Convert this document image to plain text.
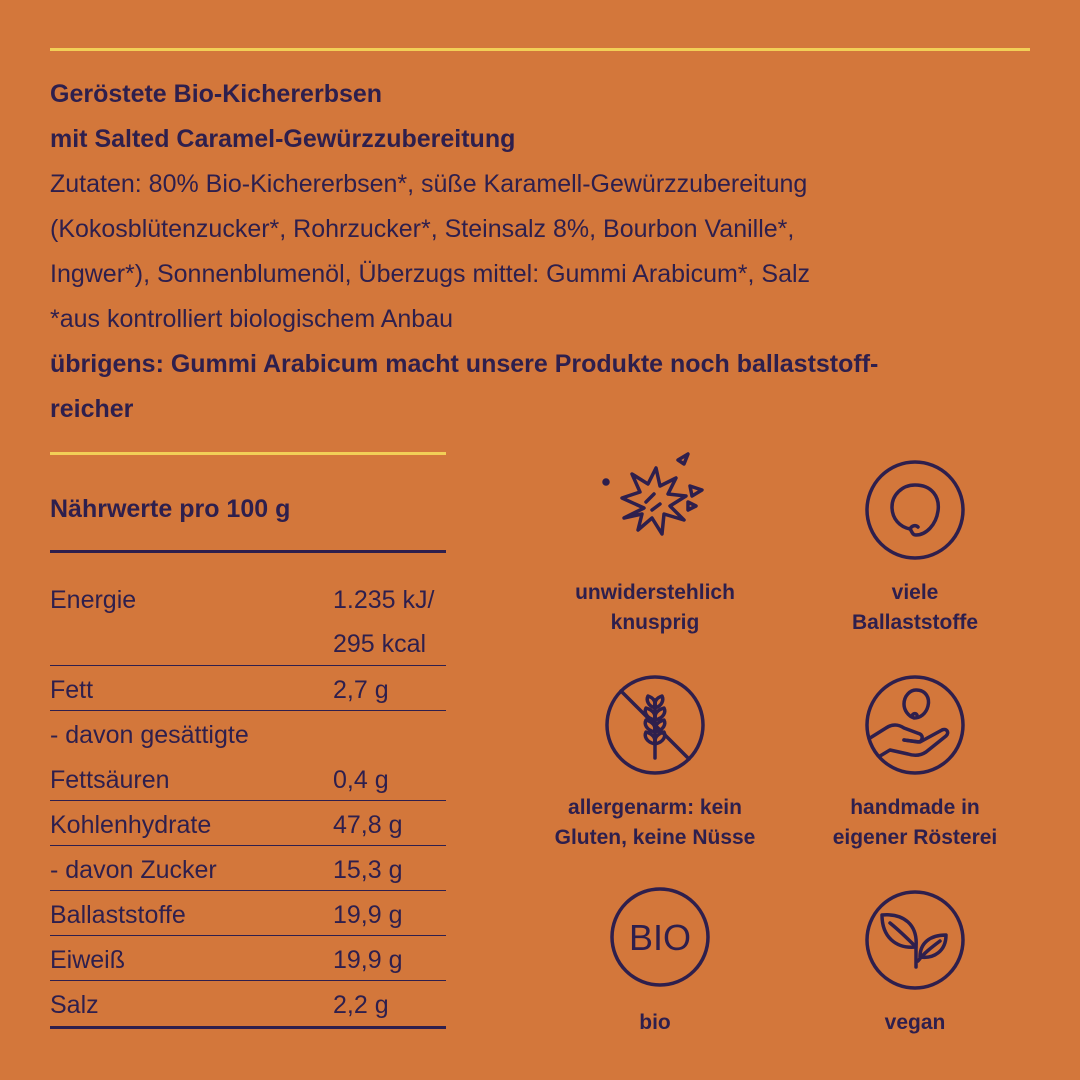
Geröstete Bio-Kichererbsen
mit Salted Caramel-Gewürzzubereitung
Zutaten: 80% Bio-Kichererbsen*, süße Karamell-Gewürzzubereitung
(Kokosblütenzucker*, Rohrzucker*, Steinsalz 8%, Bourbon Vanille*,
Ingwer*), Sonnenblumenöl, Überzugs mittel: Gummi Arabicum*, Salz
*aus kontrolliert biologischem Anbau
übrigens: Gummi Arabicum macht unsere Produkte noch ballaststoff-
reicher
Nährwerte pro 100 g
Energie	1.235 kJ/
295 kcal
Fett	2,7 g
- davon gesättigte
Fettsäuren	0,4 g
Kohlenhydrate	47,8 g
- davon Zucker	15,3 g
Ballaststoffe	19,9 g
Eiweiß	19,9 g
Salz	2,2 g
BIO
unwiderstehlich
knusprig
viele
Ballaststoffe
allergenarm: kein
Gluten, keine Nüsse
handmade in
eigener Rösterei
bio	vegan
